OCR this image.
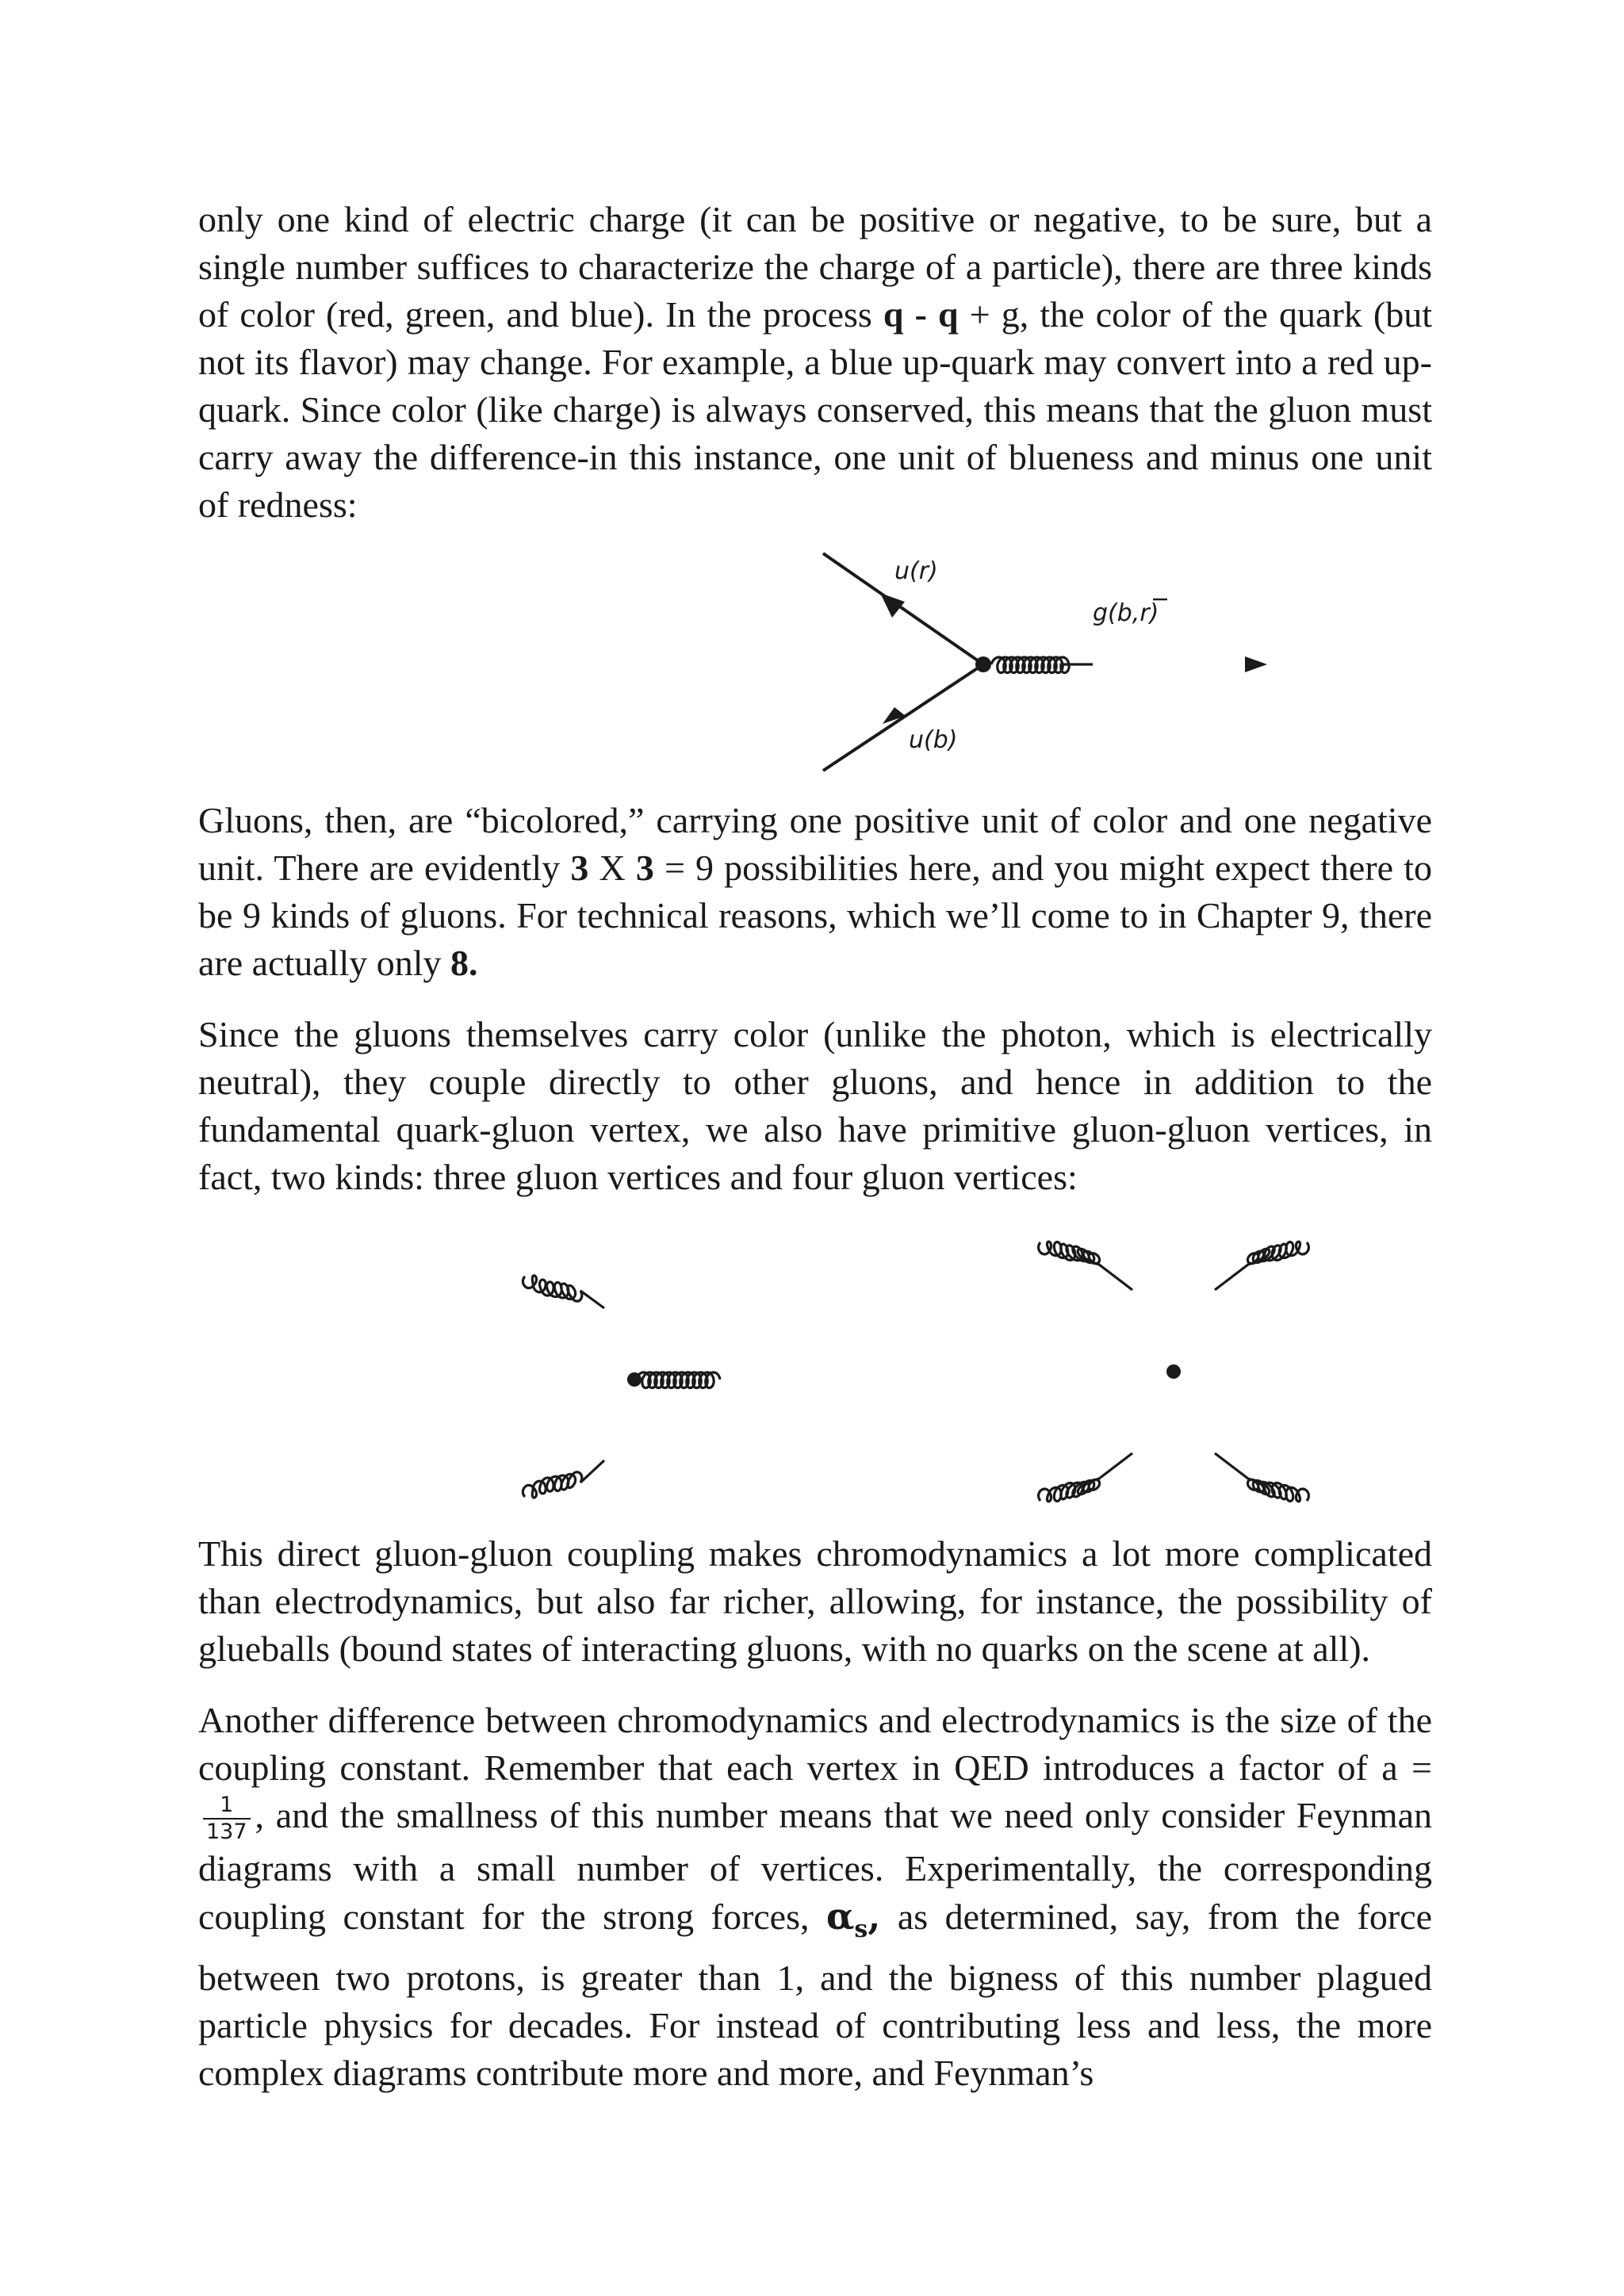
only one kind of electric charge (it can be positive or negative, to be sure, but a single number suffices to characterize the charge of a particle), there are three kinds of color (red, green, and blue). In the process q - q + g, the color of the quark (but not its flavor) may change. For example, a blue up-quark may convert into a red up-quark. Since color (like charge) is always conserved, this means that the gluon must carry away the difference-in this instance, one unit of blueness and minus one unit of redness:

u(r)
g(b,r)
u(b)

Gluons, then, are “bicolored,” carrying one positive unit of color and one negative unit. There are evidently 3 X 3 = 9 possibilities here, and you might expect there to be 9 kinds of gluons. For technical reasons, which we’ll come to in Chapter 9, there are actually only 8.

Since the gluons themselves carry color (unlike the photon, which is electrically neutral), they couple directly to other gluons, and hence in addition to the fundamental quark-gluon vertex, we also have primitive gluon-gluon vertices, in fact, two kinds: three gluon vertices and four gluon vertices:

This direct gluon-gluon coupling makes chromodynamics a lot more complicated than electrodynamics, but also far richer, allowing, for instance, the possibility of glueballs (bound states of interacting gluons, with no quarks on the scene at all).

Another difference between chromodynamics and electrodynamics is the size of the coupling constant. Remember that each vertex in QED introduces a factor of a =
$\frac{1}{137}$ , and the smallness of this number means that we need only consider Feynman diagrams with a small number of vertices. Experimentally, the corresponding coupling constant for the strong forces, $\alpha_s$, as determined, say, from the force between two protons, is greater than 1, and the bigness of this number plagued particle physics for decades. For instead of contributing less and less, the more complex diagrams contribute more and more, and Feynman’s
